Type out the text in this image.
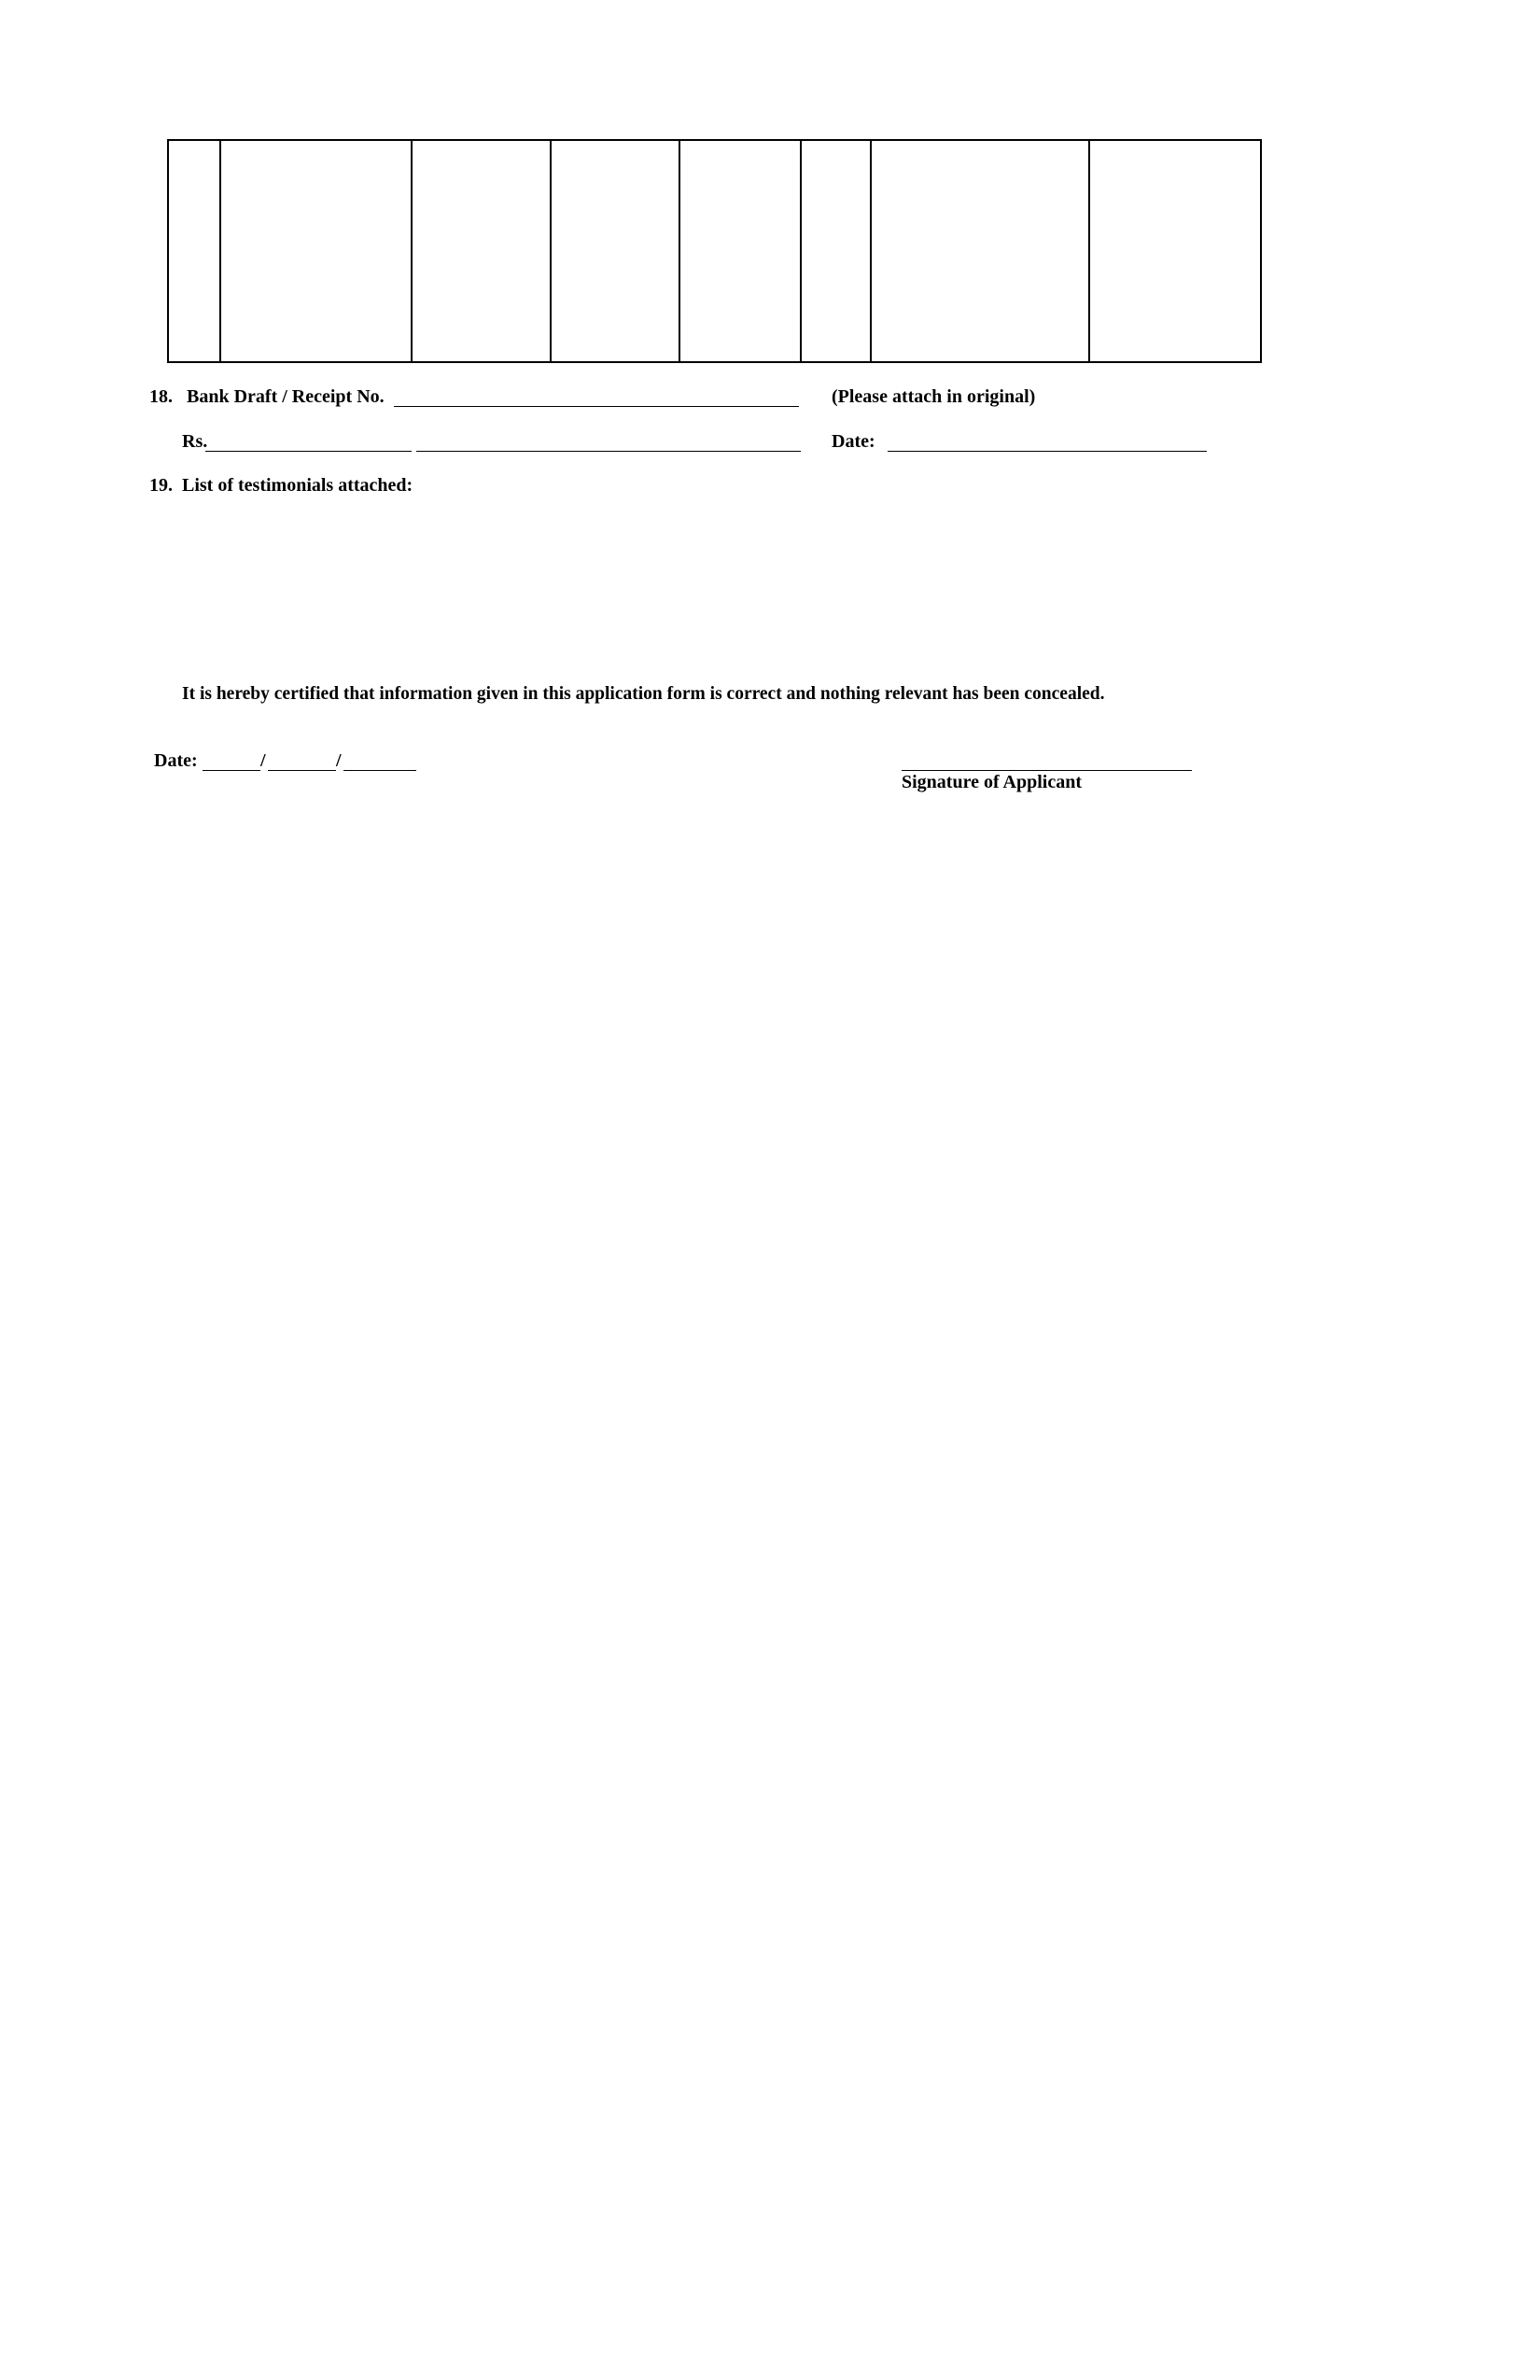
18. Bank Draft / Receipt No.	(Please attach in original)
Rs.	Date:
19. List of testimonials attached:
It is hereby certified that information given in this application form is correct and nothing relevant has been concealed.
Date:	/	/
Signature of Applicant
